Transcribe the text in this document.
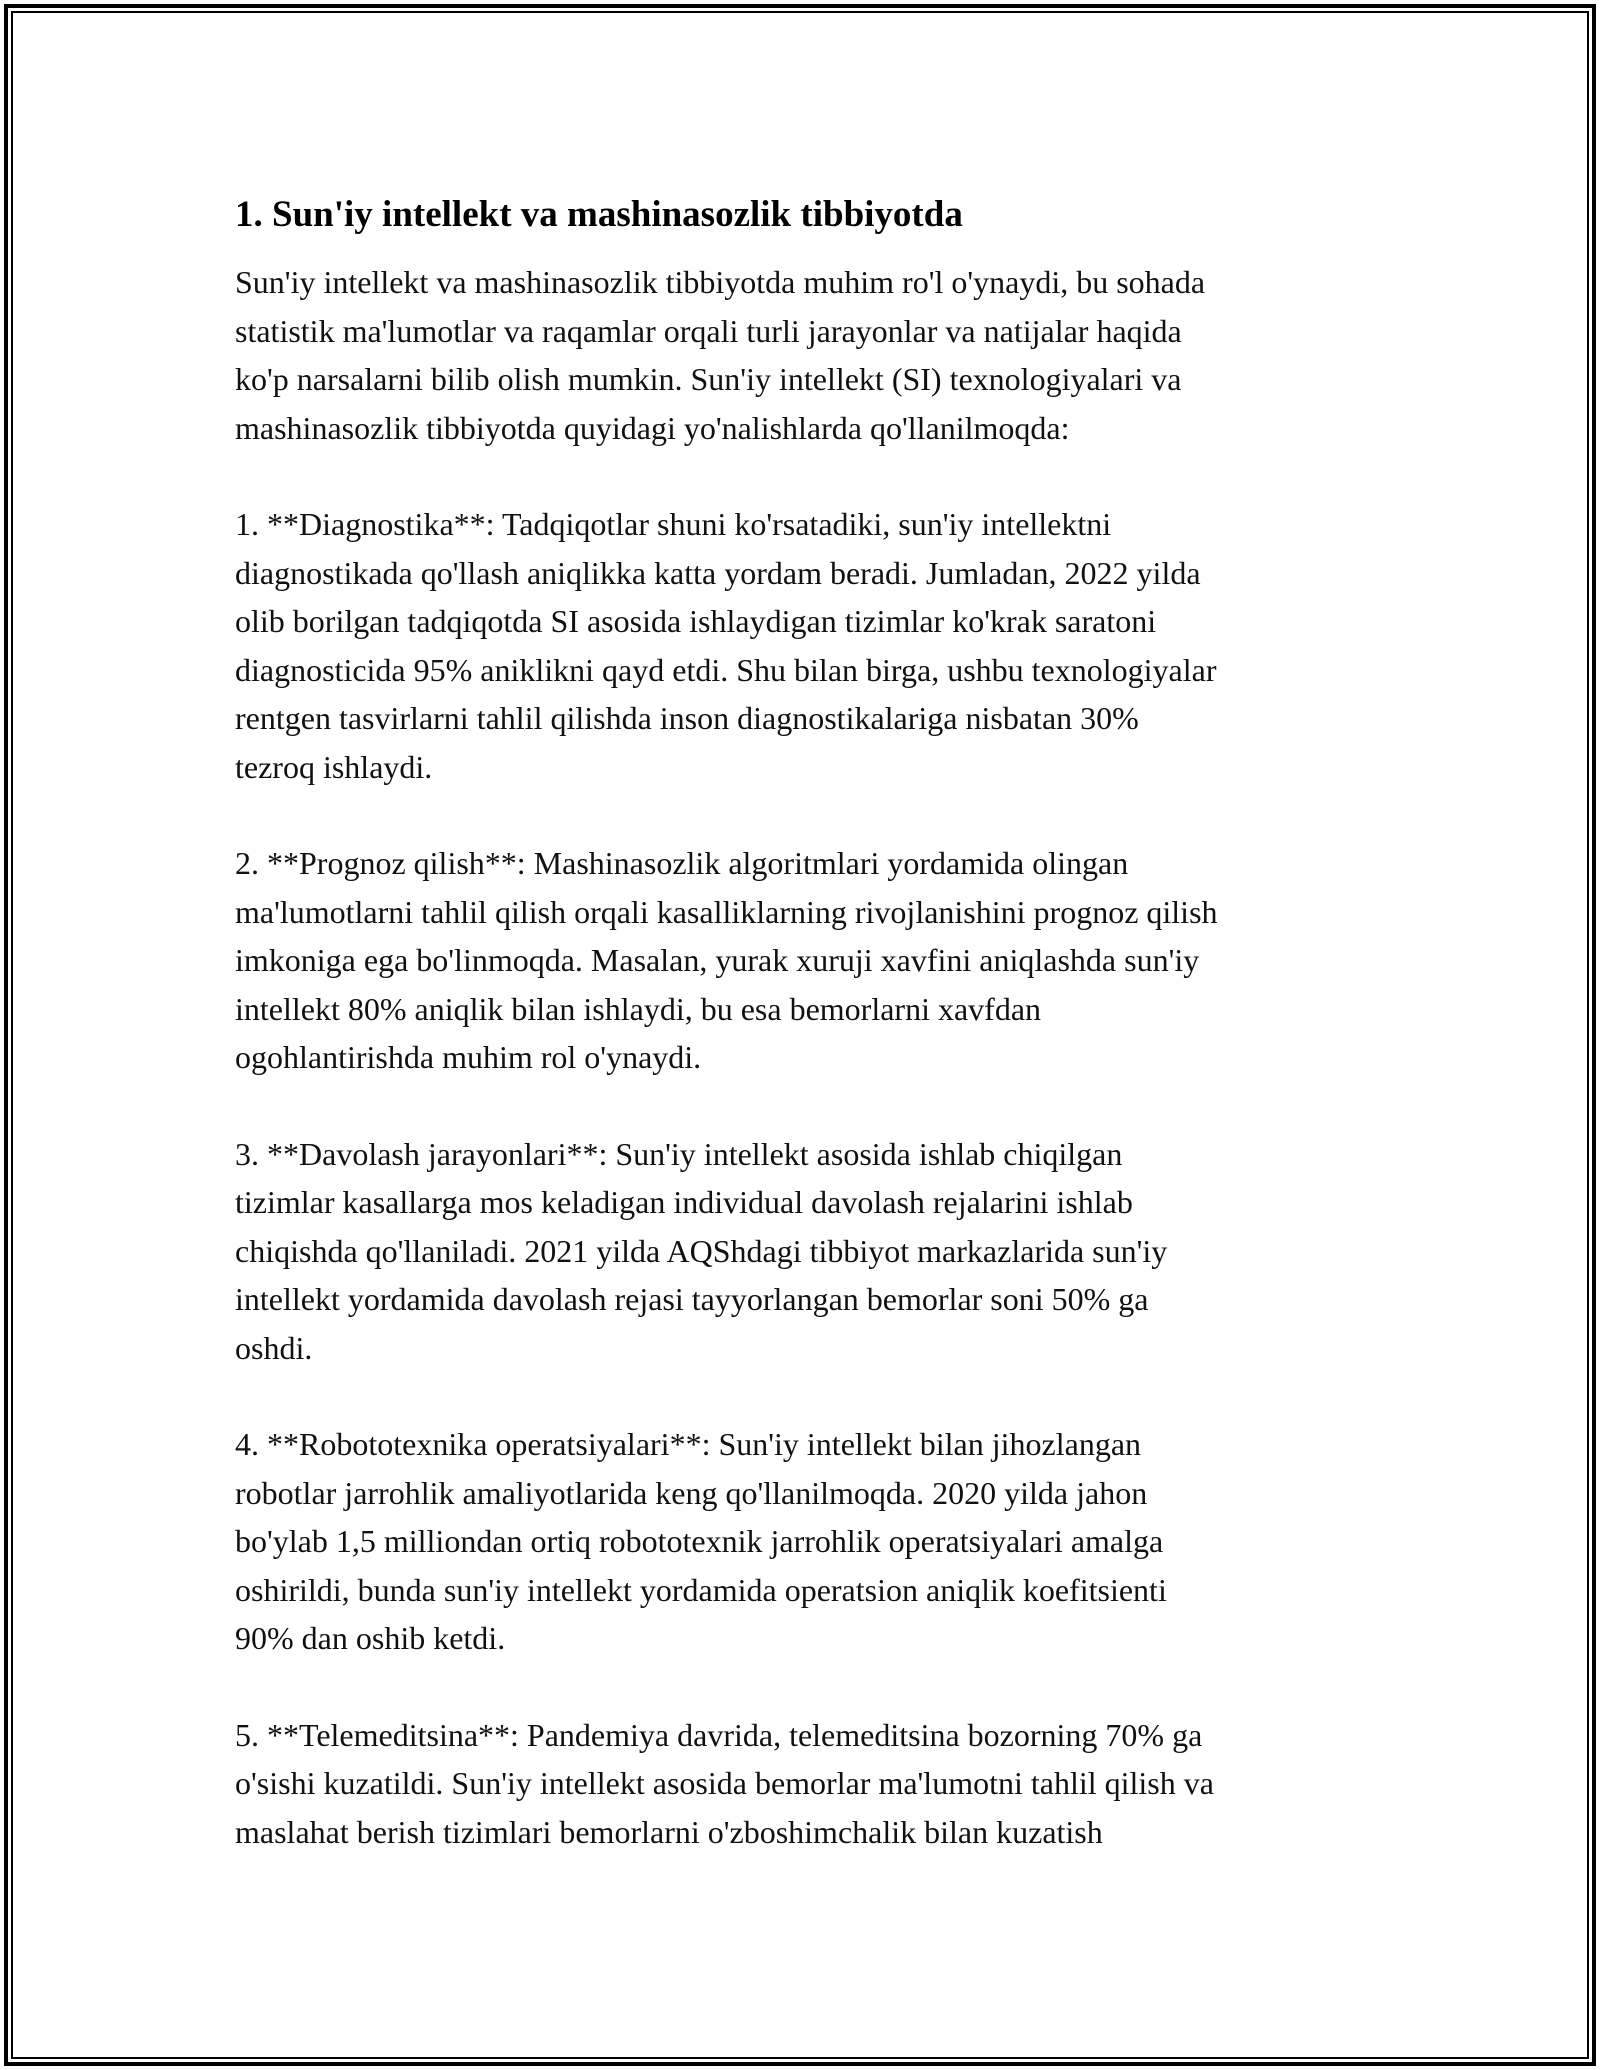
1. Sun'iy intellekt va mashinasozlik tibbiyotda

Sun'iy intellekt va mashinasozlik tibbiyotda muhim ro'l o'ynaydi, bu sohada
statistik ma'lumotlar va raqamlar orqali turli jarayonlar va natijalar haqida
ko'p narsalarni bilib olish mumkin. Sun'iy intellekt (SI) texnologiyalari va
mashinasozlik tibbiyotda quyidagi yo'nalishlarda qo'llanilmoqda:

1. **Diagnostika**: Tadqiqotlar shuni ko'rsatadiki, sun'iy intellektni
diagnostikada qo'llash aniqlikka katta yordam beradi. Jumladan, 2022 yilda
olib borilgan tadqiqotda SI asosida ishlaydigan tizimlar ko'krak saratoni
diagnosticida 95% aniklikni qayd etdi. Shu bilan birga, ushbu texnologiyalar
rentgen tasvirlarni tahlil qilishda inson diagnostikalariga nisbatan 30%
tezroq ishlaydi.

2. **Prognoz qilish**: Mashinasozlik algoritmlari yordamida olingan
ma'lumotlarni tahlil qilish orqali kasalliklarning rivojlanishini prognoz qilish
imkoniga ega bo'linmoqda. Masalan, yurak xuruji xavfini aniqlashda sun'iy
intellekt 80% aniqlik bilan ishlaydi, bu esa bemorlarni xavfdan
ogohlantirishda muhim rol o'ynaydi.

3. **Davolash jarayonlari**: Sun'iy intellekt asosida ishlab chiqilgan
tizimlar kasallarga mos keladigan individual davolash rejalarini ishlab
chiqishda qo'llaniladi. 2021 yilda AQShdagi tibbiyot markazlarida sun'iy
intellekt yordamida davolash rejasi tayyorlangan bemorlar soni 50% ga
oshdi.

4. **Robototexnika operatsiyalari**: Sun'iy intellekt bilan jihozlangan
robotlar jarrohlik amaliyotlarida keng qo'llanilmoqda. 2020 yilda jahon
bo'ylab 1,5 milliondan ortiq robototexnik jarrohlik operatsiyalari amalga
oshirildi, bunda sun'iy intellekt yordamida operatsion aniqlik koefitsienti
90% dan oshib ketdi.

5. **Telemeditsina**: Pandemiya davrida, telemeditsina bozorning 70% ga
o'sishi kuzatildi. Sun'iy intellekt asosida bemorlar ma'lumotni tahlil qilish va
maslahat berish tizimlari bemorlarni o'zboshimchalik bilan kuzatish
